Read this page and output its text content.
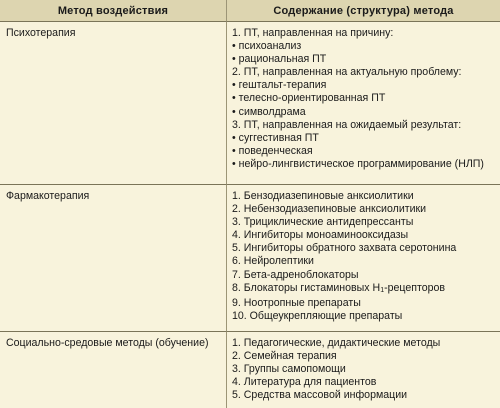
Метод воздействия	Содержание (структура) метода
Психотерапия	1. ПТ, направленная на причину:
• психоанализ
• рациональная ПТ
2. ПТ, направленная на актуальную проблему:
• гештальт-терапия
• телесно-ориентированная ПТ
• символдрама
3. ПТ, направленная на ожидаемый результат:
• суггестивная ПТ
• поведенческая
• нейро-лингвистическое программирование (НЛП)
Фармакотерапия	1. Бензодиазепиновые анксиолитики
2. Небензодиазепиновые анксиолитики
3. Трициклические антидепрессанты
4. Ингибиторы моноаминооксидазы
5. Ингибиторы обратного захвата серотонина
6. Нейролептики
7. Бета-адреноблокаторы
8. Блокаторы гистаминовых $Н_1$-рецепторов
9. Ноотропные препараты
10. Общеукрепляющие препараты
Социально-средовые методы (обучение)	1. Педагогические, дидактические методы
2. Семейная терапия
3. Группы самопомощи
4. Литература для пациентов
5. Средства массовой информации
